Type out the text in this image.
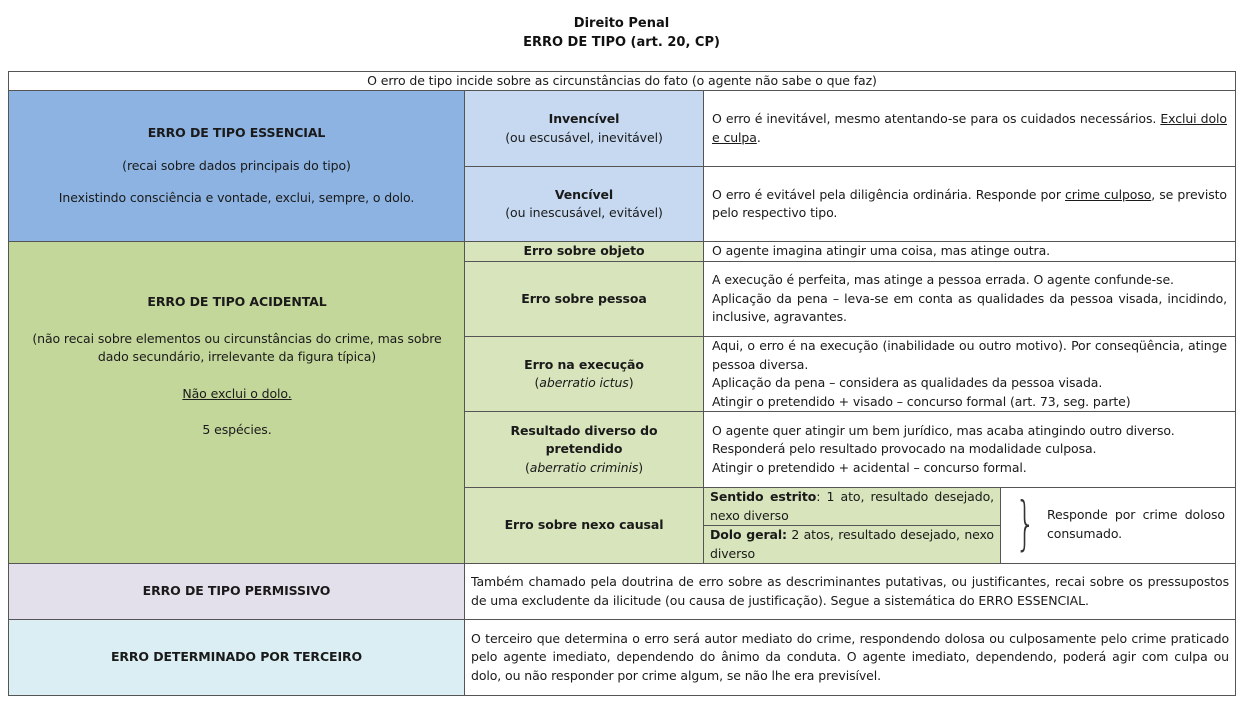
Direito Penal
ERRO DE TIPO (art. 20, CP)
O erro de tipo incide sobre as circunstâncias do fato (o agente não sabe o que faz)
ERRO DE TIPO ESSENCIAL
(recai sobre dados principais do tipo)
Inexistindo consciência e vontade, exclui, sempre, o dolo.
Invencível
(ou escusável, inevitável)
O erro é inevitável, mesmo atentando-se para os cuidados necessários. Exclui dolo e culpa.
Vencível
(ou inescusável, evitável)
O erro é evitável pela diligência ordinária. Responde por crime culposo, se previsto pelo respectivo tipo.
ERRO DE TIPO ACIDENTAL
(não recai sobre elementos ou circunstâncias do crime, mas sobre dado secundário, irrelevante da figura típica)
Não exclui o dolo.
5 espécies.
Erro sobre objeto	O agente imagina atingir uma coisa, mas atinge outra.
Erro sobre pessoa
A execução é perfeita, mas atinge a pessoa errada. O agente confunde-se.
Aplicação da pena – leva-se em conta as qualidades da pessoa visada, incidindo, inclusive, agravantes.
Erro na execução
(aberratio ictus)
Aqui, o erro é na execução (inabilidade ou outro motivo). Por conseqüência, atinge pessoa diversa.
Aplicação da pena – considera as qualidades da pessoa visada.
Atingir o pretendido + visado – concurso formal (art. 73, seg. parte)
Resultado diverso do pretendido
(aberratio criminis)
O agente quer atingir um bem jurídico, mas acaba atingindo outro diverso.
Responderá pelo resultado provocado na modalidade culposa.
Atingir o pretendido + acidental – concurso formal.
Erro sobre nexo causal
Sentido estrito: 1 ato, resultado desejado, nexo diverso
Dolo geral: 2 atos, resultado desejado, nexo diverso	} Responde por crime doloso consumado.
ERRO DE TIPO PERMISSIVO
Também chamado pela doutrina de erro sobre as descriminantes putativas, ou justificantes, recai sobre os pressupostos de uma excludente da ilicitude (ou causa de justificação). Segue a sistemática do ERRO ESSENCIAL.
ERRO DETERMINADO POR TERCEIRO
O terceiro que determina o erro será autor mediato do crime, respondendo dolosa ou culposamente pelo crime praticado pelo agente imediato, dependendo do ânimo da conduta. O agente imediato, dependendo, poderá agir com culpa ou dolo, ou não responder por crime algum, se não lhe era previsível.
